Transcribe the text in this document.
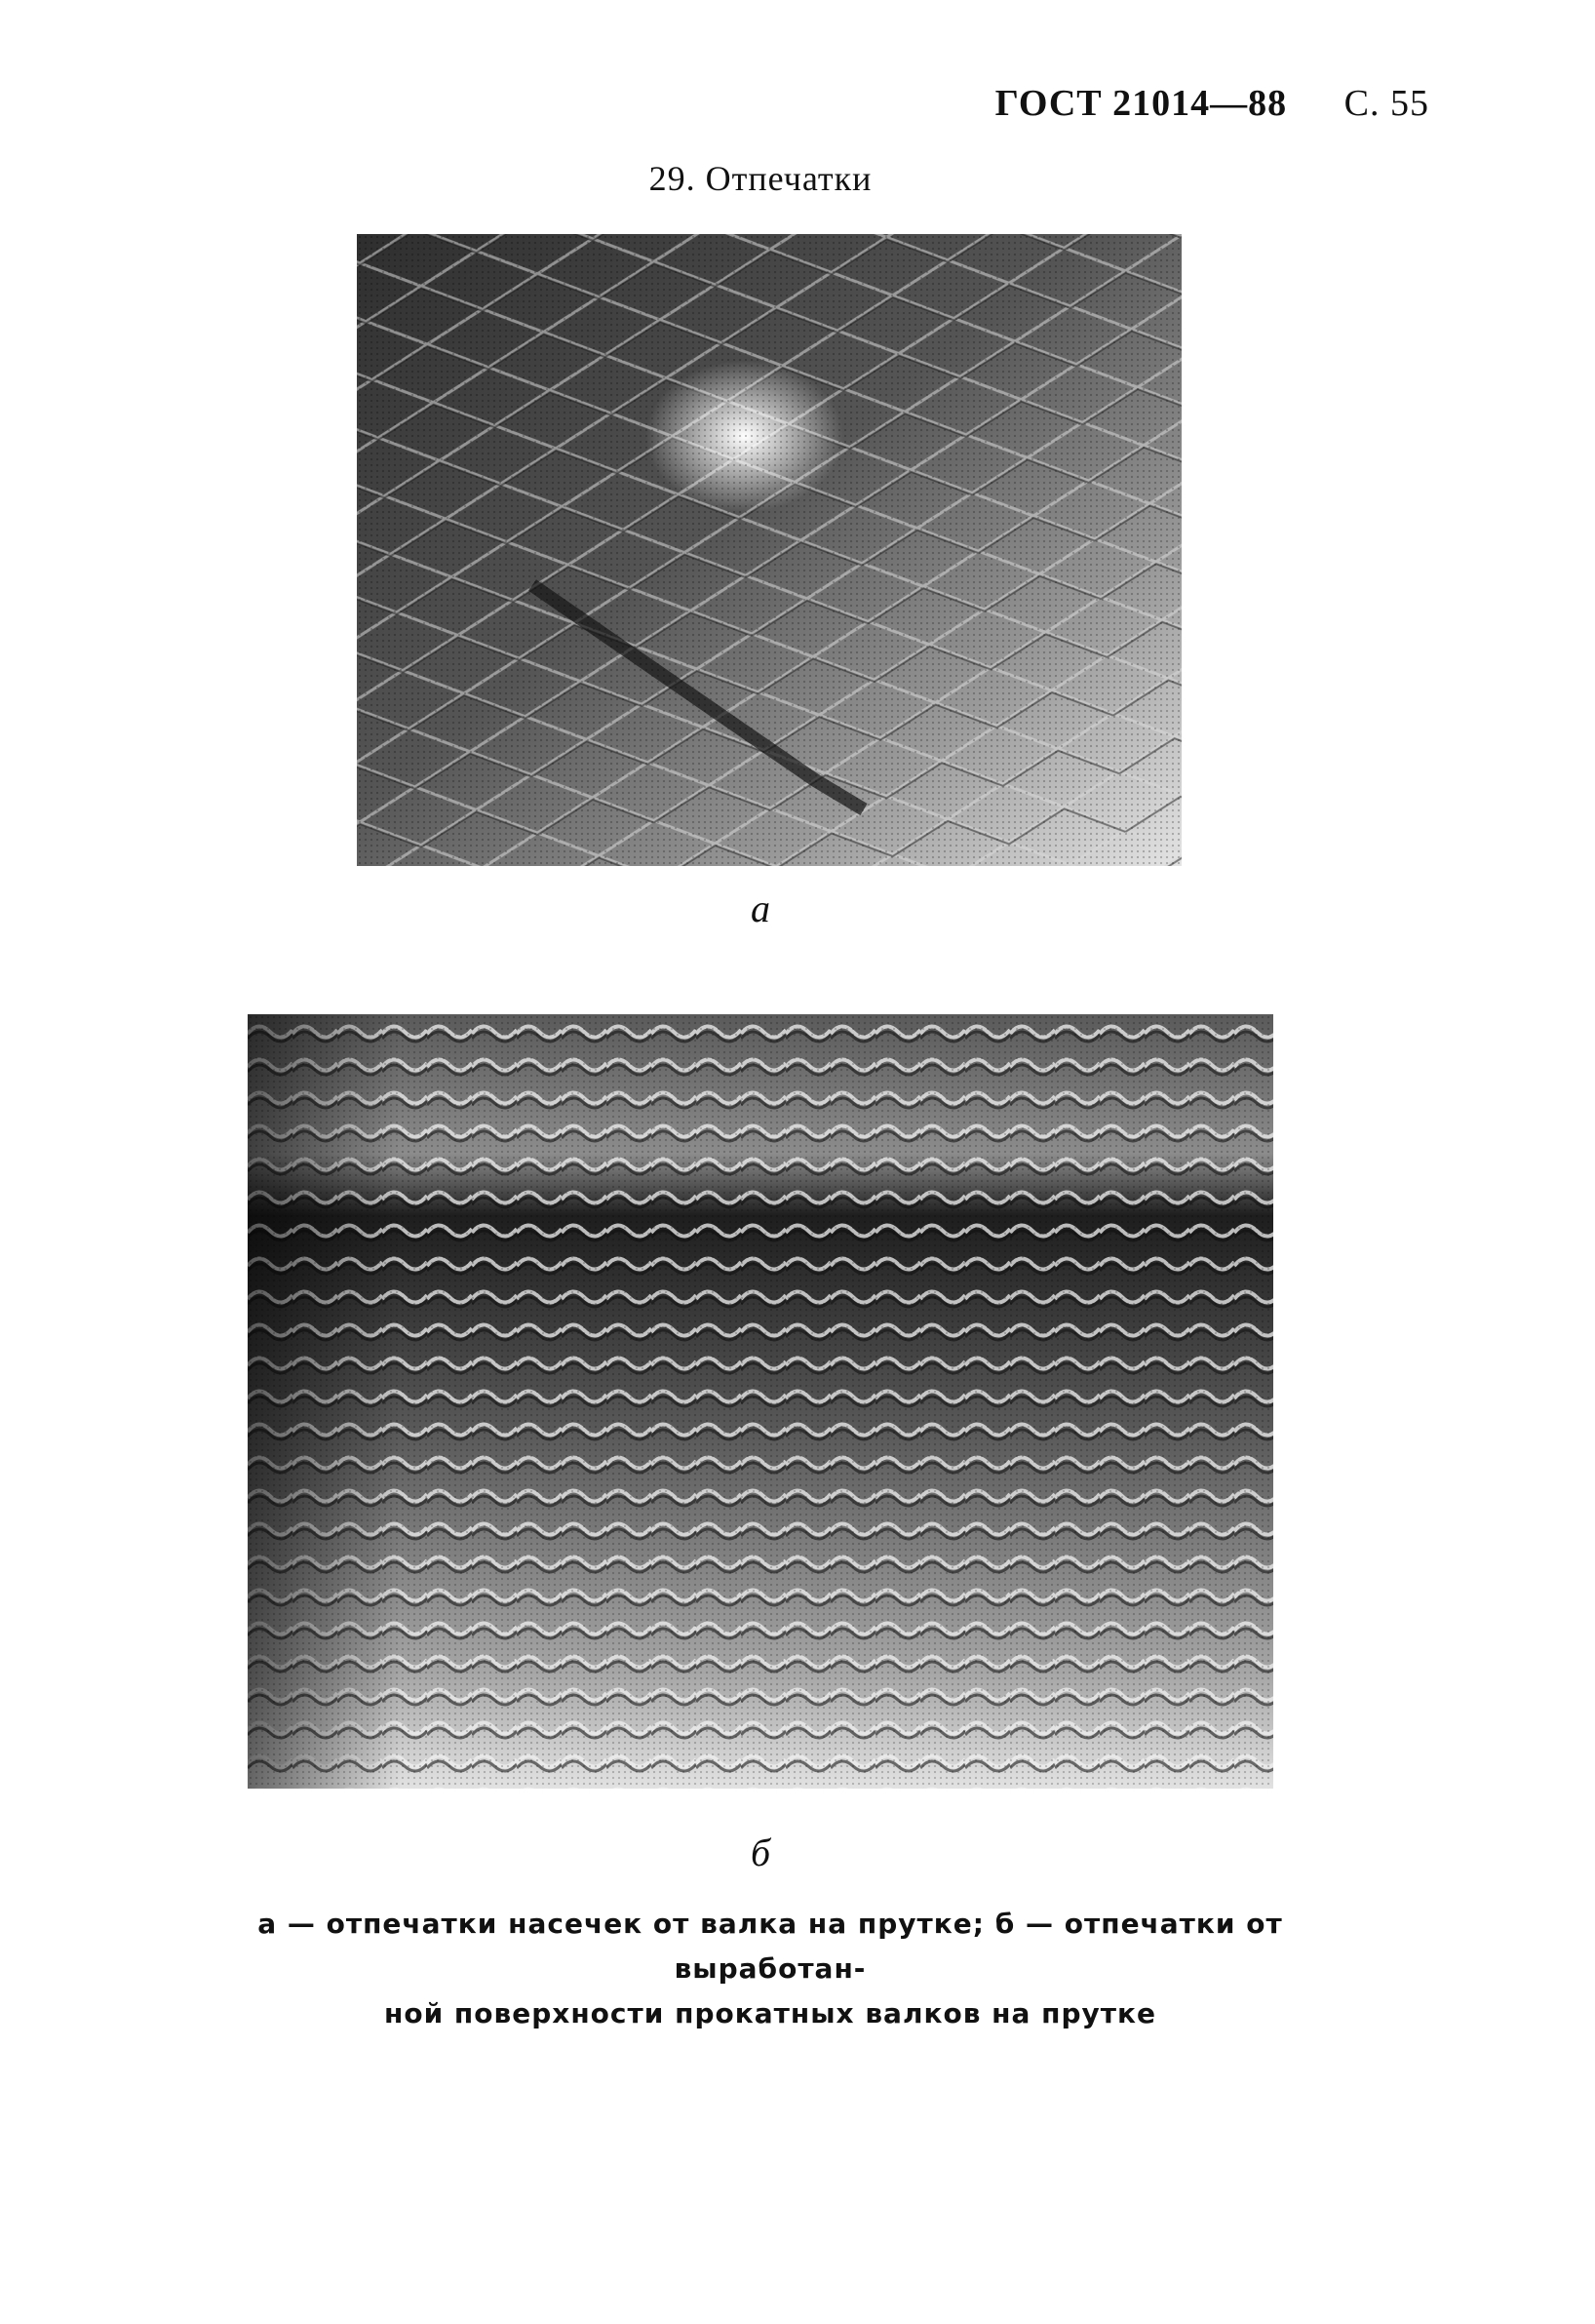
ГОСТ 21014—88 С. 55
29. Отпечатки
а
б
а — отпечатки насечек от валка на прутке; б — отпечатки от выработан-
ной поверхности прокатных валков на прутке
